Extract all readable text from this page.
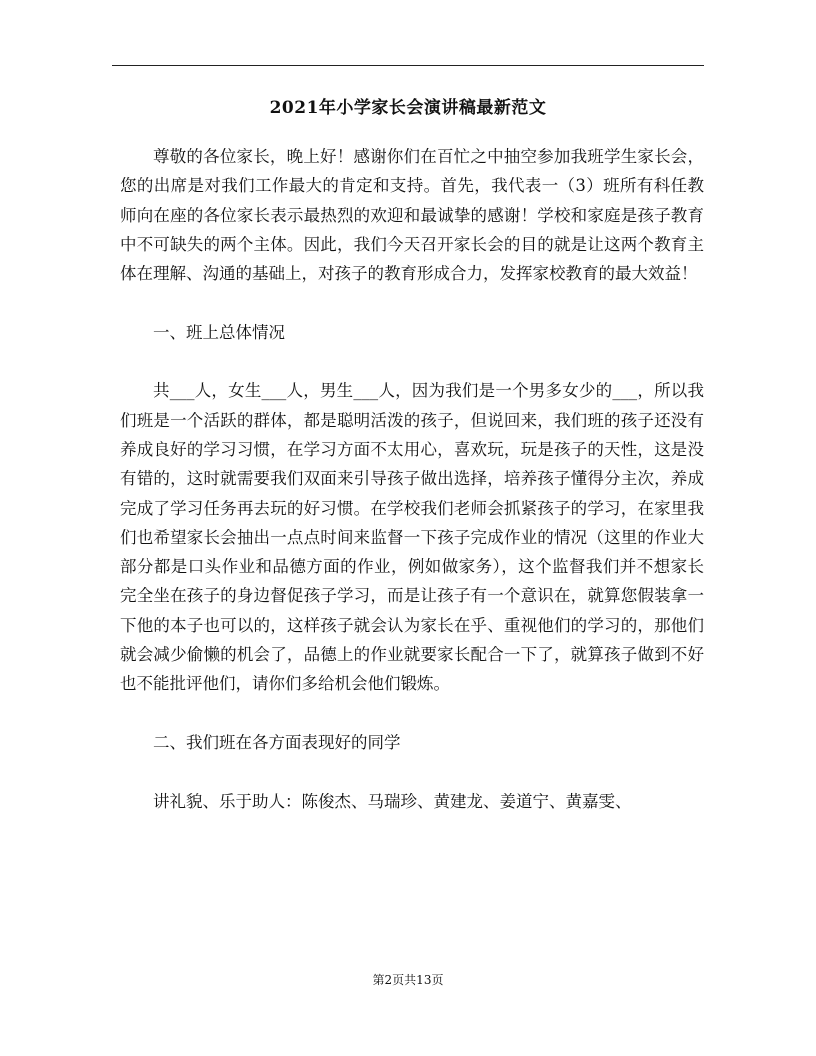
2021年小学家长会演讲稿最新范文

尊敬的各位家长，晚上好！感谢你们在百忙之中抽空参加我班学生家长会，您的出席是对我们工作最大的肯定和支持。首先，我代表一（3）班所有科任教师向在座的各位家长表示最热烈的欢迎和最诚挚的感谢！学校和家庭是孩子教育中不可缺失的两个主体。因此，我们今天召开家长会的目的就是让这两个教育主体在理解、沟通的基础上，对孩子的教育形成合力，发挥家校教育的最大效益！

一、班上总体情况

共___人，女生___人，男生___人，因为我们是一个男多女少的___，所以我们班是一个活跃的群体，都是聪明活泼的孩子，但说回来，我们班的孩子还没有养成良好的学习习惯，在学习方面不太用心，喜欢玩，玩是孩子的天性，这是没有错的，这时就需要我们双面来引导孩子做出选择，培养孩子懂得分主次，养成完成了学习任务再去玩的好习惯。在学校我们老师会抓紧孩子的学习，在家里我们也希望家长会抽出一点点时间来监督一下孩子完成作业的情况（这里的作业大部分都是口头作业和品德方面的作业，例如做家务），这个监督我们并不想家长完全坐在孩子的身边督促孩子学习，而是让孩子有一个意识在，就算您假装拿一下他的本子也可以的，这样孩子就会认为家长在乎、重视他们的学习的，那他们就会减少偷懒的机会了，品德上的作业就要家长配合一下了，就算孩子做到不好也不能批评他们，请你们多给机会他们锻炼。

二、我们班在各方面表现好的同学

讲礼貌、乐于助人：陈俊杰、马瑞珍、黄建龙、姜道宁、黄嘉雯、

第2页共13页
